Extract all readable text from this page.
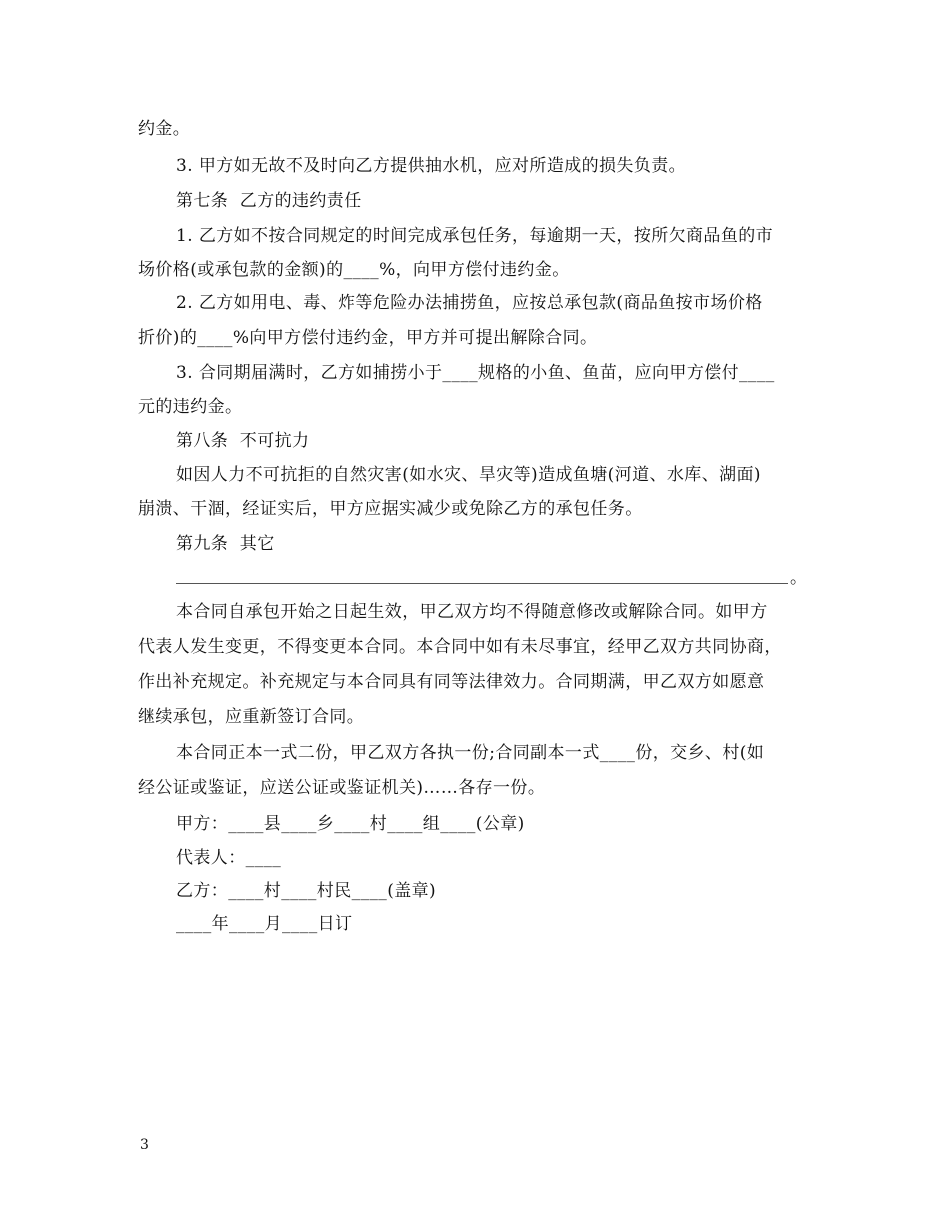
约金。
3. 甲方如无故不及时向乙方提供抽水机，应对所造成的损失负责。
第七条  乙方的违约责任
1. 乙方如不按合同规定的时间完成承包任务，每逾期一天，按所欠商品鱼的市
场价格(或承包款的金额)的____%，向甲方偿付违约金。
2. 乙方如用电、毒、炸等危险办法捕捞鱼，应按总承包款(商品鱼按市场价格
折价)的____%向甲方偿付违约金，甲方并可提出解除合同。
3. 合同期届满时，乙方如捕捞小于____规格的小鱼、鱼苗，应向甲方偿付____
元的违约金。
第八条  不可抗力
如因人力不可抗拒的自然灾害(如水灾、旱灾等)造成鱼塘(河道、水库、湖面)
崩溃、干涸，经证实后，甲方应据实减少或免除乙方的承包任务。
第九条  其它
。
本合同自承包开始之日起生效，甲乙双方均不得随意修改或解除合同。如甲方
代表人发生变更，不得变更本合同。本合同中如有未尽事宜，经甲乙双方共同协商，
作出补充规定。补充规定与本合同具有同等法律效力。合同期满，甲乙双方如愿意
继续承包，应重新签订合同。
本合同正本一式二份，甲乙双方各执一份;合同副本一式____份，交乡、村(如
经公证或鉴证，应送公证或鉴证机关)……各存一份。
甲方：____县____乡____村____组____(公章)
代表人：____
乙方：____村____村民____(盖章)
____年____月____日订
3
